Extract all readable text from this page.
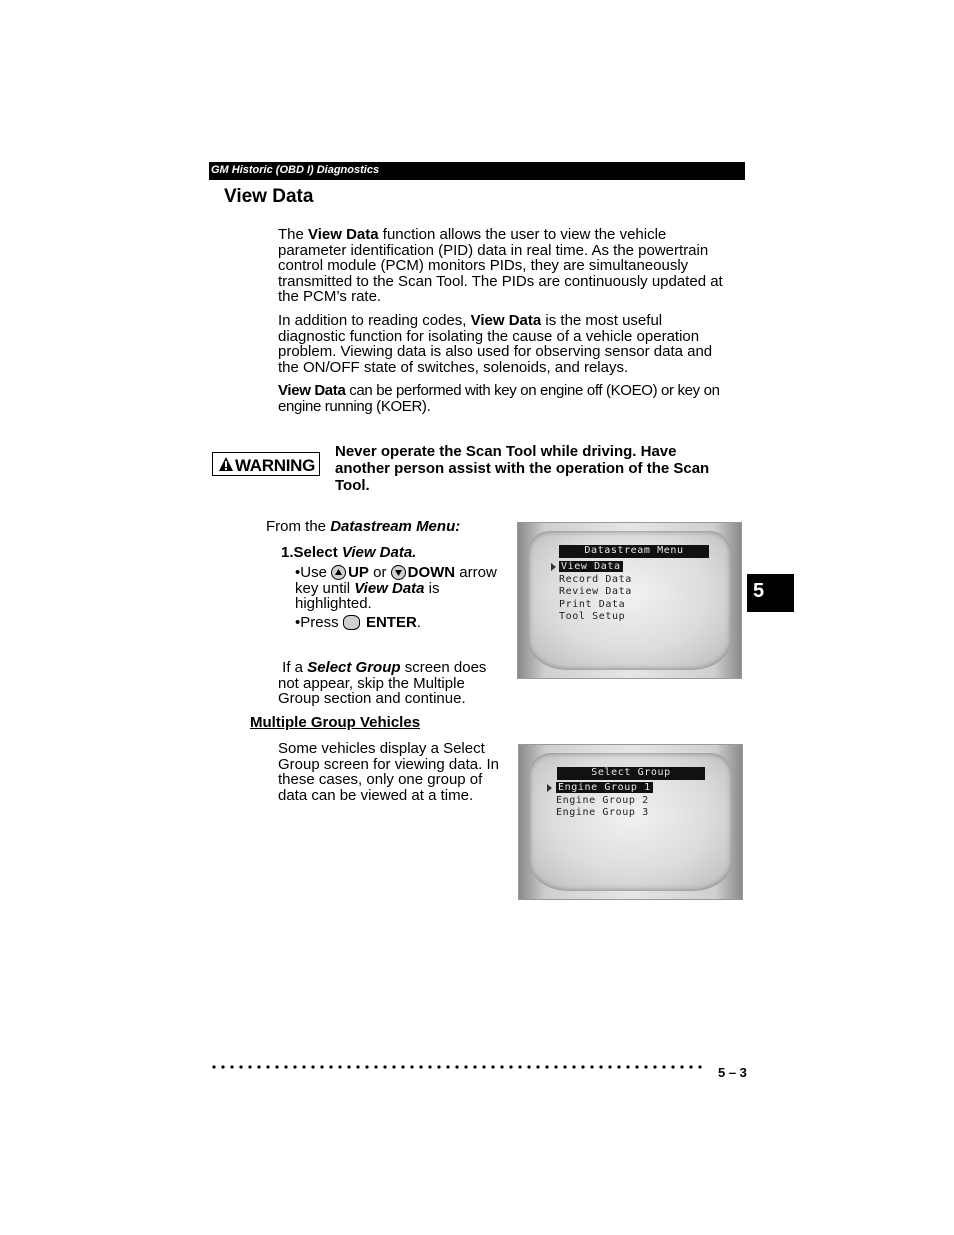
GM Historic (OBD I) Diagnostics
View Data
The View Data function allows the user to view the vehicle parameter identification (PID) data in real time. As the powertrain control module (PCM) monitors PIDs, they are simultaneously transmitted to the Scan Tool. The PIDs are continuously updated at the PCM’s rate.
In addition to reading codes, View Data is the most useful diagnostic function for isolating the cause of a vehicle operation problem. Viewing data is also used for observing sensor data and the ON/OFF state of switches, solenoids, and relays.
View Data can be performed with key on engine off (KOEO) or key on engine running (KOER).
WARNING
Never operate the Scan Tool while driving. Have another person assist with the operation of the Scan Tool.
From the Datastream Menu:
1.Select View Data.
•Use
UP or
DOWN arrow key until View Data is highlighted.
•Press  ENTER.
If a Select Group screen does not appear, skip the Multiple Group section and continue.
Datastream Menu
View Data
Record Data
Review Data
Print Data
Tool Setup
5
Multiple Group Vehicles
Some vehicles display a Select Group screen for viewing data. In these cases, only one group of data can be viewed at a time.
Select Group
Engine Group 1
Engine Group 2
Engine Group 3
5 – 3
